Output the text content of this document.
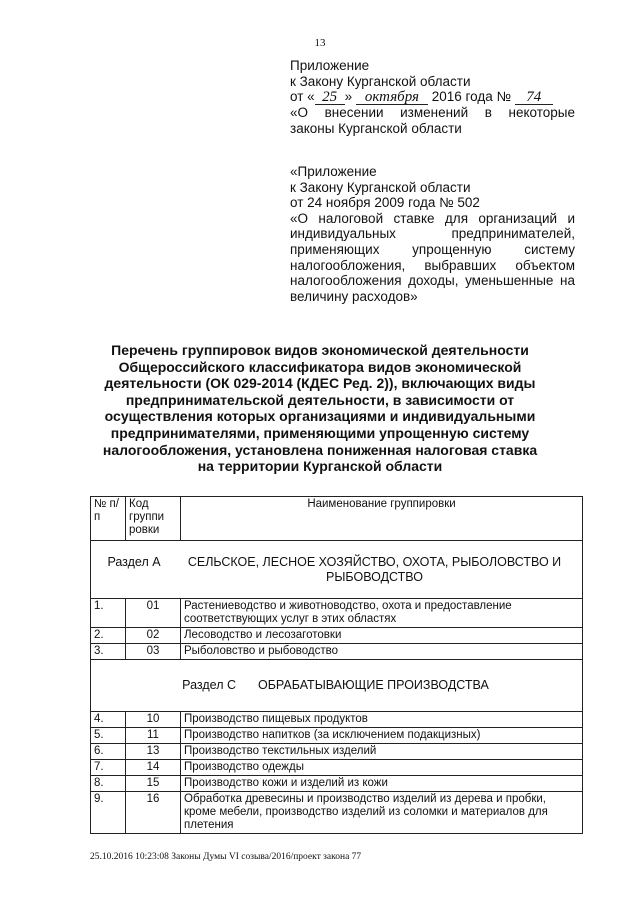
13
Приложение
к Закону Курганской области
от « 25 » октября 2016 года № 74
«О внесении изменений в некоторые
законы Курганской области
«Приложение
к Закону Курганской области
от 24 ноября 2009 года № 502
«О налоговой ставке для организаций и индивидуальных предпринимателей, применяющих упрощенную систему налогообложения, выбравших объектом налогообложения доходы, уменьшенные на величину расходов»
Перечень группировок видов экономической деятельности
Общероссийского классификатора видов экономической
деятельности (ОК 029-2014 (КДЕС Ред. 2)), включающих виды
предпринимательской деятельности, в зависимости от
осуществления которых организациями и индивидуальными
предпринимателями, применяющими упрощенную систему
налогообложения, установлена пониженная налоговая ставка
на территории Курганской области
№ п/п	Код группи ровки	Наименование группировки

Раздел А СЕЛЬСКОЕ, ЛЕСНОЕ ХОЗЯЙСТВО, ОХОТА, РЫБОЛОВСТВО И РЫБОВОДСТВО		

1.	01	Растениеводство и животноводство, охота и предоставление соответствующих услуг в этих областях
2.	02	Лесоводство и лесозаготовки
3.	03	Рыболовство и рыбоводство

Раздел С ОБРАБАТЫВАЮЩИЕ ПРОИЗВОДСТВА		

4.	10	Производство пищевых продуктов
5.	11	Производство напитков (за исключением подакцизных)
6.	13	Производство текстильных изделий
7.	14	Производство одежды
8.	15	Производство кожи и изделий из кожи
9.	16	Обработка древесины и производство изделий из дерева и пробки, кроме мебели, производство изделий из соломки и материалов для плетения
25.10.2016 10:23:08 Законы Думы VI созыва/2016/проект закона 77
